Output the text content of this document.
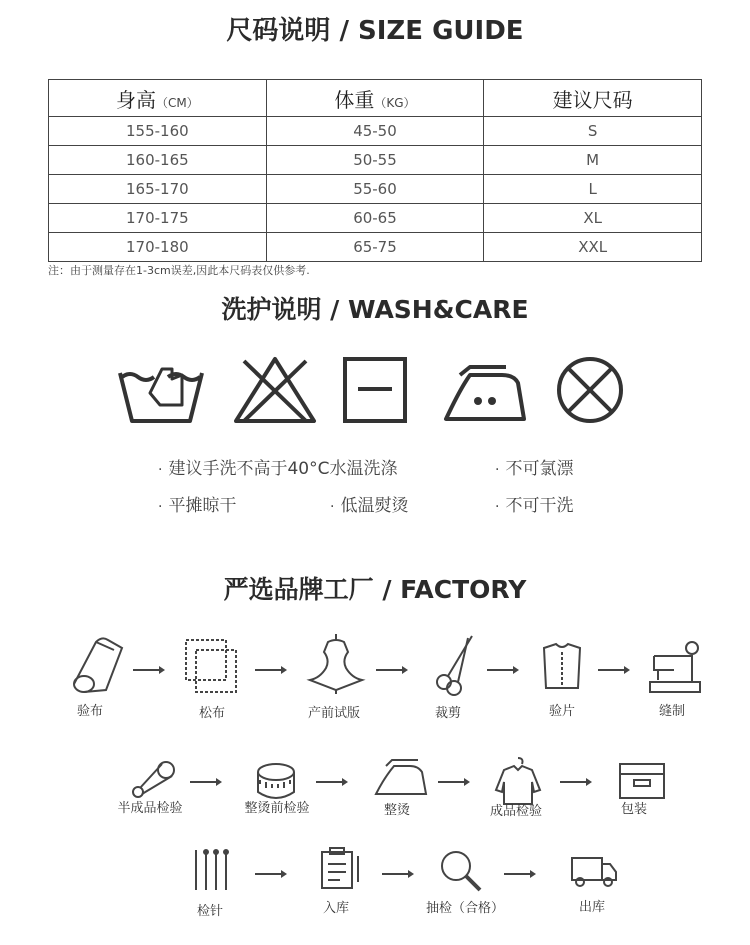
尺码说明 / SIZE GUIDE
洗护说明 / WASH&CARE
严选品牌工厂 / FACTORY
身高（CM）	体重（KG）	建议尺码
155-160	45-50	S
160-165	50-55	M
165-170	55-60	L
170-175	60-65	XL
170-180	65-75	XXL
注：由于测量存在1-3cm误差,因此本尺码表仅供参考.
· 建议手洗不高于40°C水温洗涤	· 不可氯漂
· 平摊晾干	· 低温熨烫	· 不可干洗
验布	松布	产前试版	裁剪	验片	缝制
半成品检验	整烫前检验	整烫	成品检验	包装
检针	入库	抽检（合格）	出库
